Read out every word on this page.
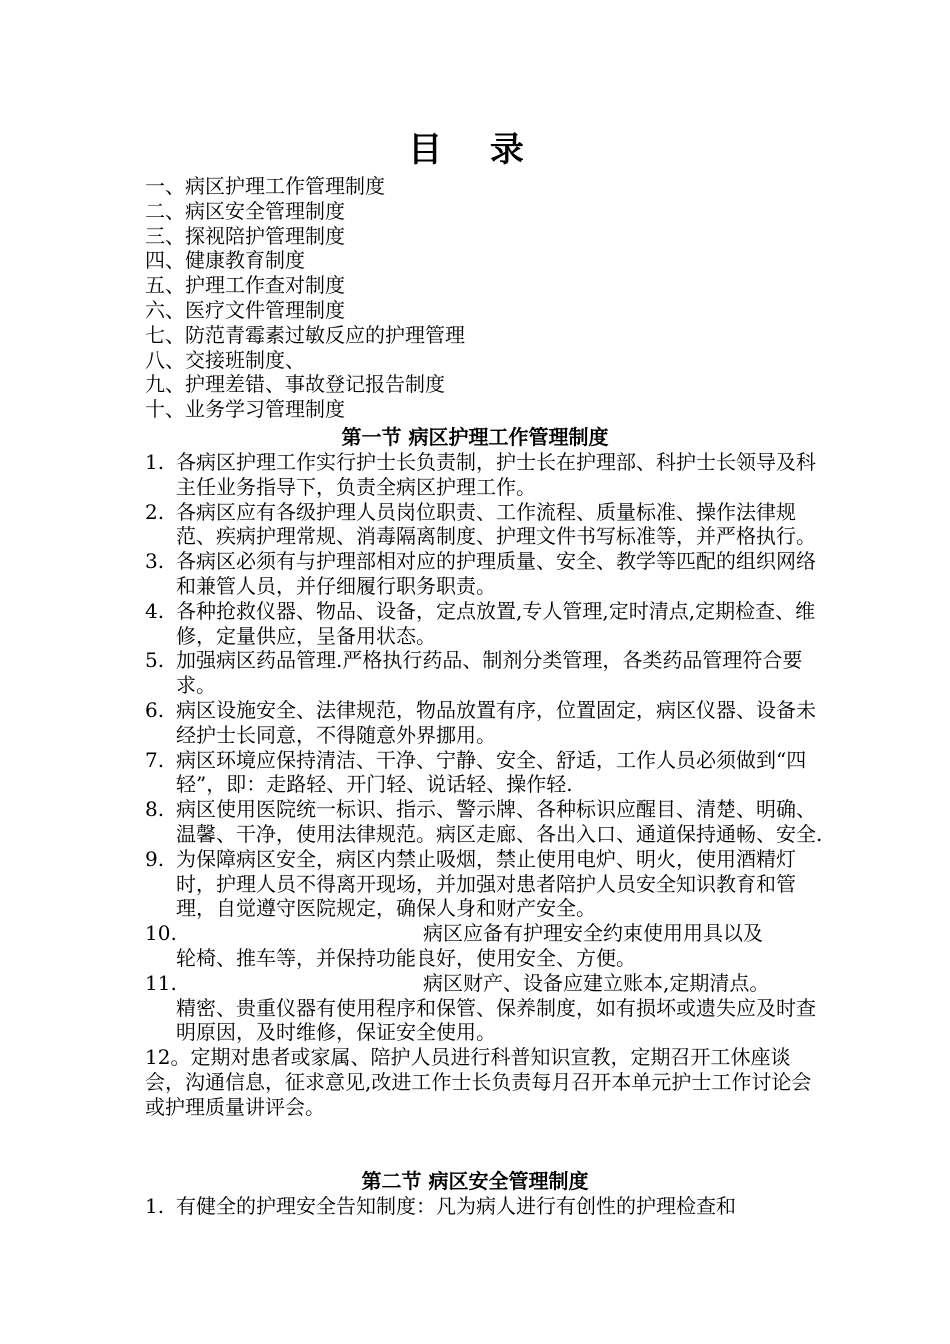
目 录
一、病区护理工作管理制度
二、病区安全管理制度
三、探视陪护管理制度
四、健康教育制度
五、护理工作查对制度
六、医疗文件管理制度
七、防范青霉素过敏反应的护理管理
八、交接班制度、
九、护理差错、事故登记报告制度
十、业务学习管理制度
第一节 病区护理工作管理制度
1. 各病区护理工作实行护士长负责制，护士长在护理部、科护士长领导及科主任业务指导下，负责全病区护理工作。
2. 各病区应有各级护理人员岗位职责、工作流程、质量标准、操作法律规范、疾病护理常规、消毒隔离制度、护理文件书写标准等，并严格执行。
3. 各病区必须有与护理部相对应的护理质量、安全、教学等匹配的组织网络和兼管人员，并仔细履行职务职责。
4. 各种抢救仪器、物品、设备，定点放置,专人管理,定时清点,定期检查、维修，定量供应，呈备用状态。
5. 加强病区药品管理.严格执行药品、制剂分类管理，各类药品管理符合要求。
6. 病区设施安全、法律规范，物品放置有序，位置固定，病区仪器、设备未经护士长同意，不得随意外界挪用。
7. 病区环境应保持清洁、干净、宁静、安全、舒适，工作人员必须做到“四轻”，即：走路轻、开门轻、说话轻、操作轻.
8. 病区使用医院统一标识、指示、警示牌、各种标识应醒目、清楚、明确、温馨、干净，使用法律规范。病区走廊、各出入口、通道保持通畅、安全.
9. 为保障病区安全，病区内禁止吸烟，禁止使用电炉、明火，使用酒精灯时，护理人员不得离开现场，并加强对患者陪护人员安全知识教育和管理，自觉遵守医院规定，确保人身和财产安全。
10.	病区应备有护理安全约束使用用具以及
轮椅、推车等，并保持功能良好，使用安全、方便。
11.	病区财产、设备应建立账本,定期清点。
精密、贵重仪器有使用程序和保管、保养制度，如有损坏或遗失应及时查明原因，及时维修，保证安全使用。
12。定期对患者或家属、陪护人员进行科普知识宣教，定期召开工休座谈会，沟通信息，征求意见,改进工作士长负责每月召开本单元护士工作讨论会或护理质量讲评会。
第二节 病区安全管理制度
1. 有健全的护理安全告知制度：凡为病人进行有创性的护理检查和
